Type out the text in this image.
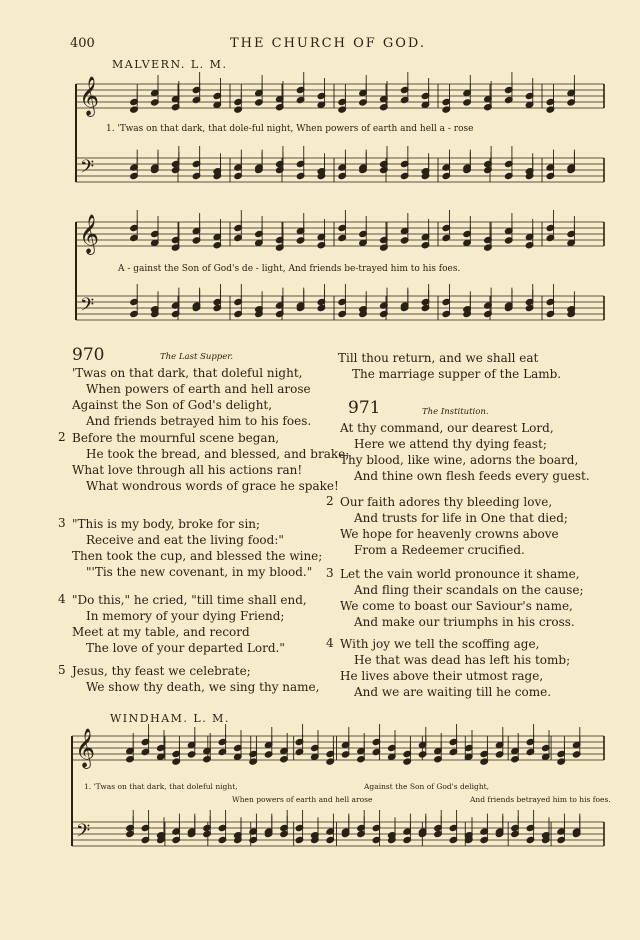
400	THE CHURCH OF GOD.
MALVERN. L. M.
𝄞
𝄢
𝄞
𝄢
𝄞
𝄢
1. 'Twas on that dark, that dole-ful night, When powers of earth and hell a - rose
A - gainst the Son of God's de - light, And friends be-trayed him to his foes.
970	The Last Supper.
'Twas on that dark, that doleful night,
When powers of earth and hell arose
Against the Son of God's delight,
And friends betrayed him to his foes.
2 Before the mournful scene began,
He took the bread, and blessed, and brake;
What love through all his actions ran!
What wondrous words of grace he spake!
3 "This is my body, broke for sin;
Receive and eat the living food:"
Then took the cup, and blessed the wine;
"'Tis the new covenant, in my blood."
4 "Do this," he cried, "till time shall end,
In memory of your dying Friend;
Meet at my table, and record
The love of your departed Lord."
5 Jesus, thy feast we celebrate;
We show thy death, we sing thy name,
Till thou return, and we shall eat
The marriage supper of the Lamb.
971	The Institution.
At thy command, our dearest Lord,
Here we attend thy dying feast;
Thy blood, like wine, adorns the board,
And thine own flesh feeds every guest.
2 Our faith adores thy bleeding love,
And trusts for life in One that died;
We hope for heavenly crowns above
From a Redeemer crucified.
3 Let the vain world pronounce it shame,
And fling their scandals on the cause;
We come to boast our Saviour's name,
And make our triumphs in his cross.
4 With joy we tell the scoffing age,
He that was dead has left his tomb;
He lives above their utmost rage,
And we are waiting till he come.
WINDHAM. L. M.
1. 'Twas on that dark, that doleful night,
When powers of earth and hell arose
Against the Son of God's delight,
And friends betrayed him to his foes.
